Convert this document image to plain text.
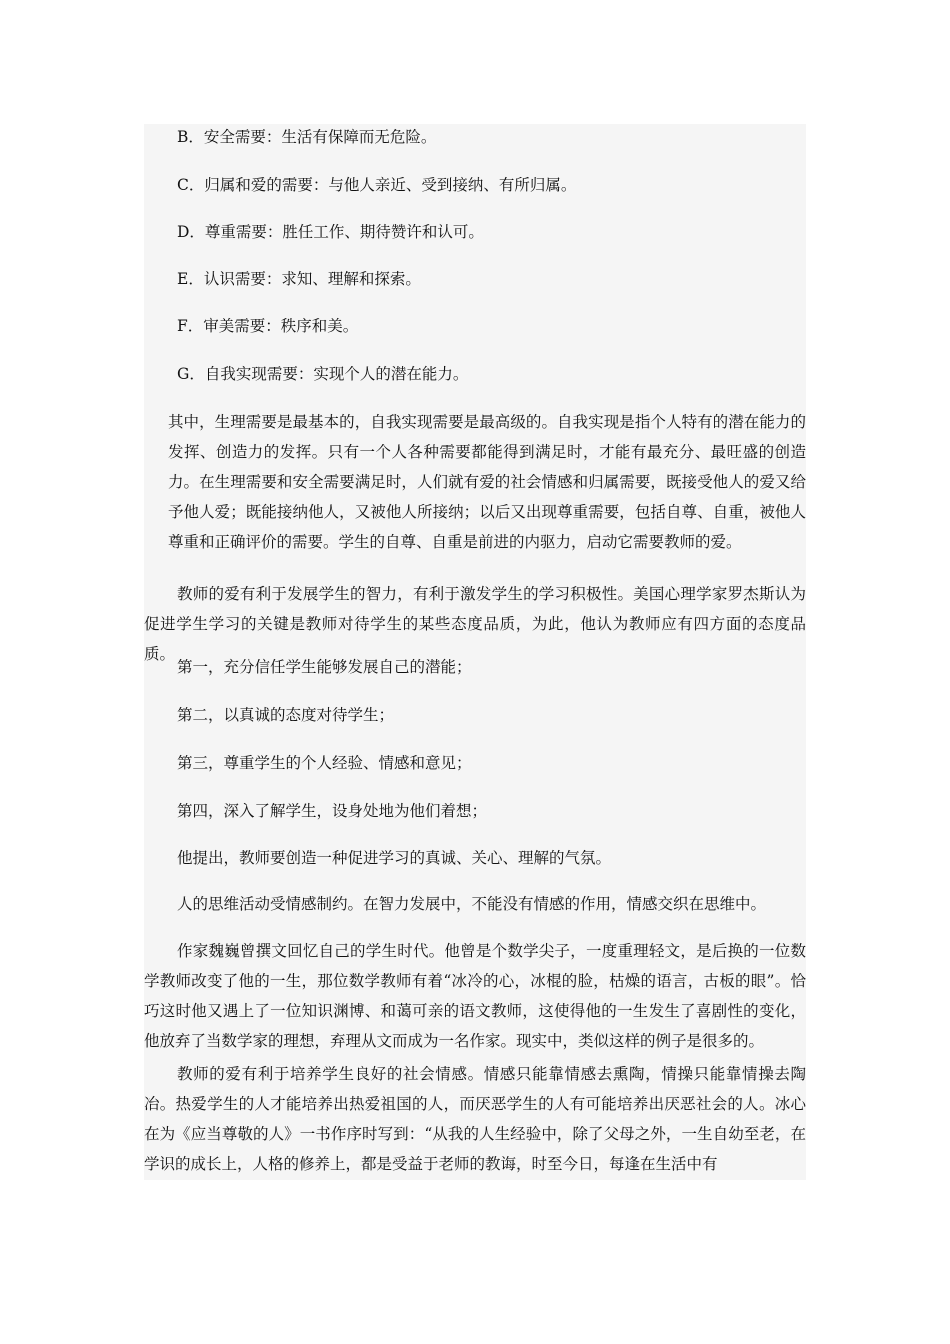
B．安全需要：生活有保障而无危险。

C．归属和爱的需要：与他人亲近、受到接纳、有所归属。

D．尊重需要：胜任工作、期待赞许和认可。

E．认识需要：求知、理解和探索。

F．审美需要：秩序和美。

G．自我实现需要：实现个人的潜在能力。

其中，生理需要是最基本的，自我实现需要是最高级的。自我实现是指个人特有的潜在能力的发挥、创造力的发挥。只有一个人各种需要都能得到满足时，才能有最充分、最旺盛的创造力。在生理需要和安全需要满足时，人们就有爱的社会情感和归属需要，既接受他人的爱又给予他人爱；既能接纳他人，又被他人所接纳；以后又出现尊重需要，包括自尊、自重，被他人尊重和正确评价的需要。学生的自尊、自重是前进的内驱力，启动它需要教师的爱。

教师的爱有利于发展学生的智力，有利于激发学生的学习积极性。美国心理学家罗杰斯认为促进学生学习的关键是教师对待学生的某些态度品质，为此，他认为教师应有四方面的态度品质。

第一，充分信任学生能够发展自己的潜能；

第二，以真诚的态度对待学生；

第三，尊重学生的个人经验、情感和意见；

第四，深入了解学生，设身处地为他们着想；

他提出，教师要创造一种促进学习的真诚、关心、理解的气氛。

人的思维活动受情感制约。在智力发展中，不能没有情感的作用，情感交织在思维中。

作家魏巍曾撰文回忆自己的学生时代。他曾是个数学尖子，一度重理轻文，是后换的一位数学教师改变了他的一生，那位数学教师有着“冰冷的心，冰棍的脸，枯燥的语言，古板的眼”。恰巧这时他又遇上了一位知识渊博、和蔼可亲的语文教师，这使得他的一生发生了喜剧性的变化，他放弃了当数学家的理想，弃理从文而成为一名作家。现实中，类似这样的例子是很多的。

教师的爱有利于培养学生良好的社会情感。情感只能靠情感去熏陶，情操只能靠情操去陶冶。热爱学生的人才能培养出热爱祖国的人，而厌恶学生的人有可能培养出厌恶社会的人。冰心在为《应当尊敬的人》一书作序时写到：“从我的人生经验中，除了父母之外，一生自幼至老，在学识的成长上，人格的修养上，都是受益于老师的教诲，时至今日，每逢在生活中有
